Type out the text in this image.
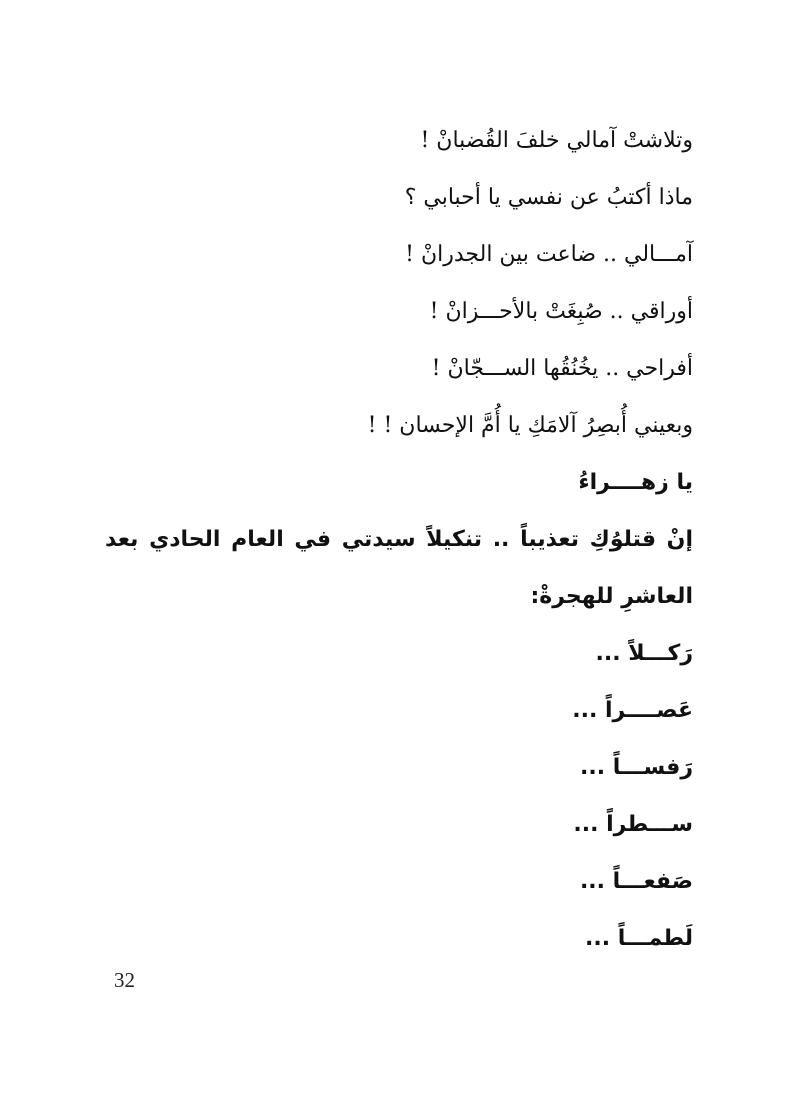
وتلاشتْ آمالي خلفَ القُضبانْ !
ماذا أكتبُ عن نفسي يا أحبابي ؟
آمـــالي .. ضاعت بين الجدرانْ !
أوراقي .. صُبِغَتْ بالأحـــزانْ !
أفراحي .. يخُنُقُها الســـجّانْ !
وبعيني أُبصِرُ آلامَكِ يا أُمَّ الإحسان ! !
يا زهــــراءُ
إنْ قتلوُكِ تعذيباً .. تنكيلاً سيدتي في العام الحادي بعد العاشرِ للهجرةْ:
رَكـــلاً ...
عَصــــراً ...
رَفســـاً ...
ســـطراً ...
صَفعـــاً ...
لَطمـــاً ...
32
